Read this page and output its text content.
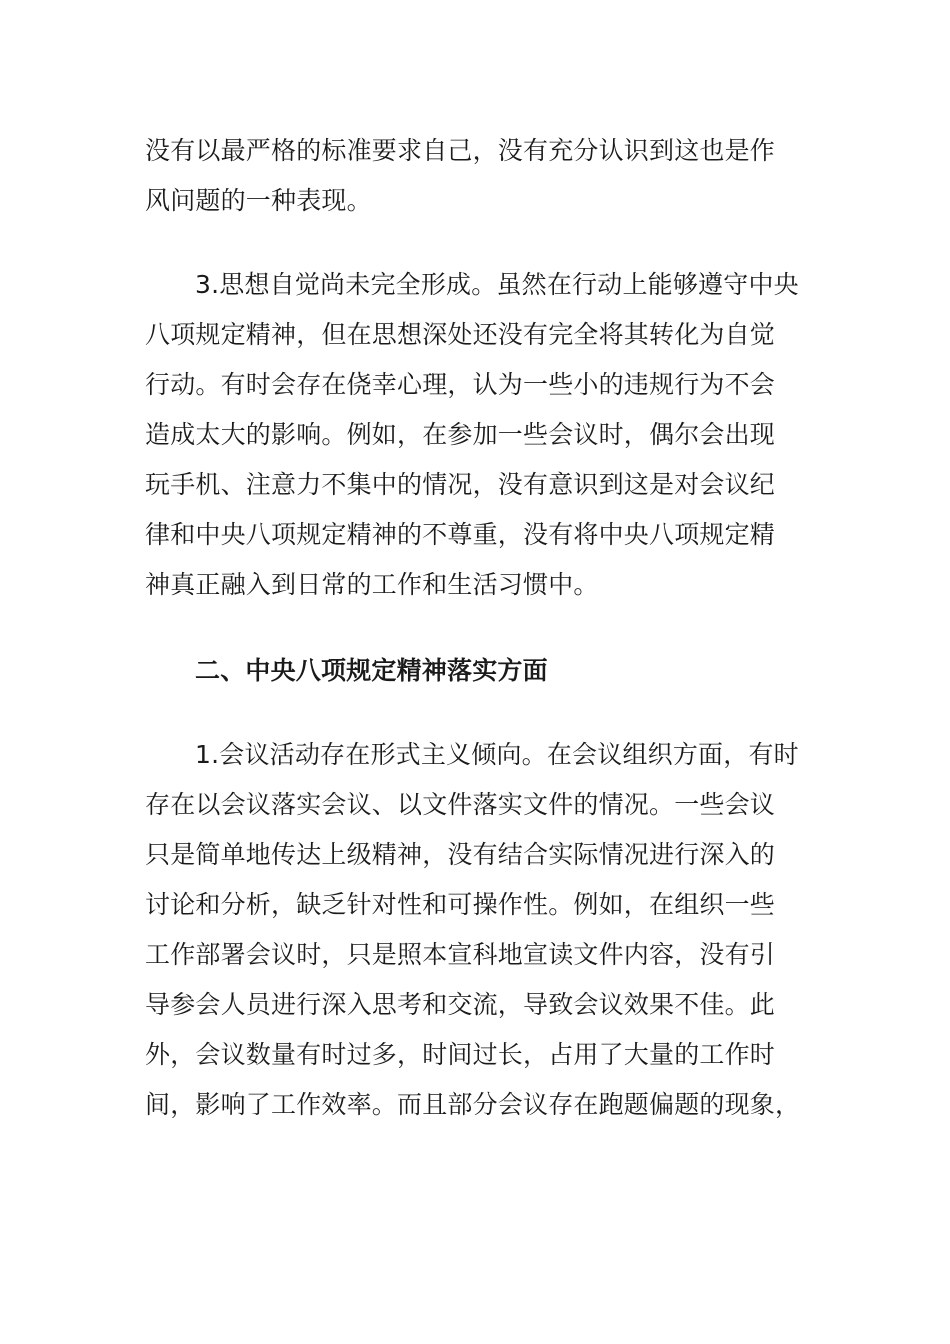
没有以最严格的标准要求自己，没有充分认识到这也是作
风问题的一种表现。
3.思想自觉尚未完全形成。虽然在行动上能够遵守中央
八项规定精神，但在思想深处还没有完全将其转化为自觉
行动。有时会存在侥幸心理，认为一些小的违规行为不会
造成太大的影响。例如，在参加一些会议时，偶尔会出现
玩手机、注意力不集中的情况，没有意识到这是对会议纪
律和中央八项规定精神的不尊重，没有将中央八项规定精
神真正融入到日常的工作和生活习惯中。
二、中央八项规定精神落实方面
1.会议活动存在形式主义倾向。在会议组织方面，有时
存在以会议落实会议、以文件落实文件的情况。一些会议
只是简单地传达上级精神，没有结合实际情况进行深入的
讨论和分析，缺乏针对性和可操作性。例如，在组织一些
工作部署会议时，只是照本宣科地宣读文件内容，没有引
导参会人员进行深入思考和交流，导致会议效果不佳。此
外，会议数量有时过多，时间过长，占用了大量的工作时
间，影响了工作效率。而且部分会议存在跑题偏题的现象，
